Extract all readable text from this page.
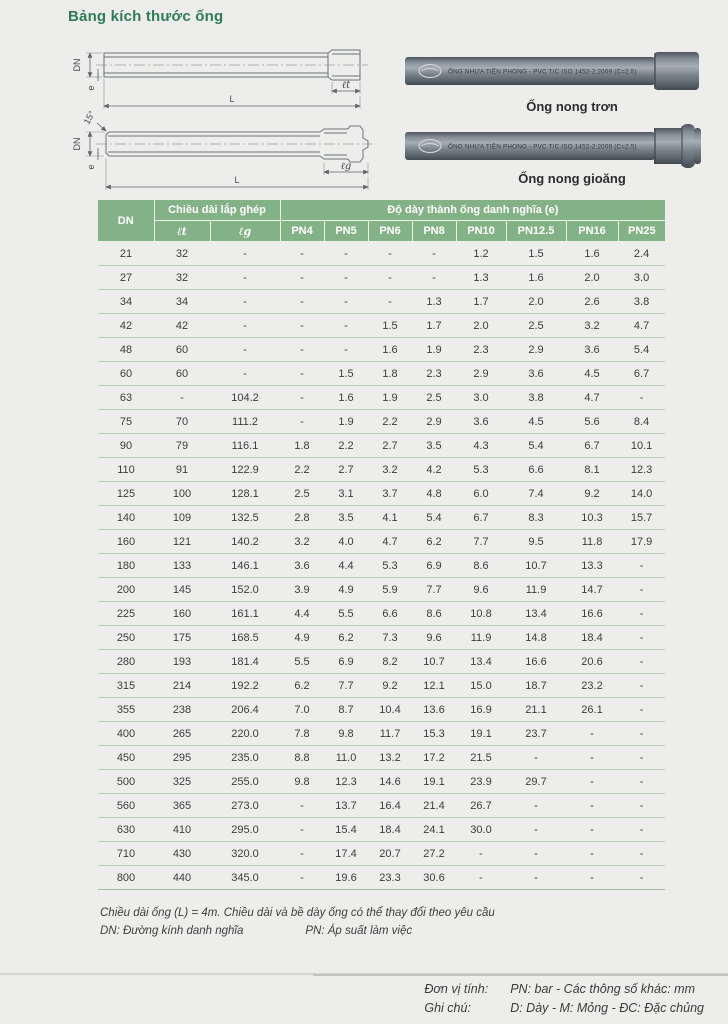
Bảng kích thước ống
DN
e	ℓt
L
15°
DN
e	ℓg
L
ỐNG NHỰA TIỀN PHONG - PVC T/C ISO 1452-2:2009 (C=2.5)
Ống nong trơn
ỐNG NHỰA TIỀN PHONG - PVC T/C ISO 1452-2:2009 (C=2.5)
Ống nong gioăng
DN	Chiều dài lắp ghép		Độ dày thành ống danh nghĩa (e)							
	ℓt	ℓg	PN4	PN5	PN6	PN8	PN10	PN12.5	PN16	PN25
21	32	-	-	-	-	-	1.2	1.5	1.6	2.4
27	32	-	-	-	-	-	1.3	1.6	2.0	3.0
34	34	-	-	-	-	1.3	1.7	2.0	2.6	3.8
42	42	-	-	-	1.5	1.7	2.0	2.5	3.2	4.7
48	60	-	-	-	1.6	1.9	2.3	2.9	3.6	5.4
60	60	-	-	1.5	1.8	2.3	2.9	3.6	4.5	6.7
63	-	104.2	-	1.6	1.9	2.5	3.0	3.8	4.7	-
75	70	111.2	-	1.9	2.2	2.9	3.6	4.5	5.6	8.4
90	79	116.1	1.8	2.2	2.7	3.5	4.3	5.4	6.7	10.1
110	91	122.9	2.2	2.7	3.2	4.2	5.3	6.6	8.1	12.3
125	100	128.1	2.5	3.1	3.7	4.8	6.0	7.4	9.2	14.0
140	109	132.5	2.8	3.5	4.1	5.4	6.7	8.3	10.3	15.7
160	121	140.2	3.2	4.0	4.7	6.2	7.7	9.5	11.8	17.9
180	133	146.1	3.6	4.4	5.3	6.9	8.6	10.7	13.3	-
200	145	152.0	3.9	4.9	5.9	7.7	9.6	11.9	14.7	-
225	160	161.1	4.4	5.5	6.6	8.6	10.8	13.4	16.6	-
250	175	168.5	4.9	6.2	7.3	9.6	11.9	14.8	18.4	-
280	193	181.4	5.5	6.9	8.2	10.7	13.4	16.6	20.6	-
315	214	192.2	6.2	7.7	9.2	12.1	15.0	18.7	23.2	-
355	238	206.4	7.0	8.7	10.4	13.6	16.9	21.1	26.1	-
400	265	220.0	7.8	9.8	11.7	15.3	19.1	23.7	-	-
450	295	235.0	8.8	11.0	13.2	17.2	21.5	-	-	-
500	325	255.0	9.8	12.3	14.6	19.1	23.9	29.7	-	-
560	365	273.0	-	13.7	16.4	21.4	26.7	-	-	-
630	410	295.0	-	15.4	18.4	24.1	30.0	-	-	-
710	430	320.0	-	17.4	20.7	27.2	-	-	-	-
800	440	345.0	-	19.6	23.3	30.6	-	-	-	-
Chiều dài ống (L) = 4m. Chiều dài và bề dày ống có thể thay đổi theo yêu cầu
DN: Đường kính danh nghĩa	PN: Áp suất làm việc
Đơn vị tính: PN: bar - Các thông số khác: mm
Ghi chú:	D: Dày - M: Mỏng - ĐC: Đặc chủng
